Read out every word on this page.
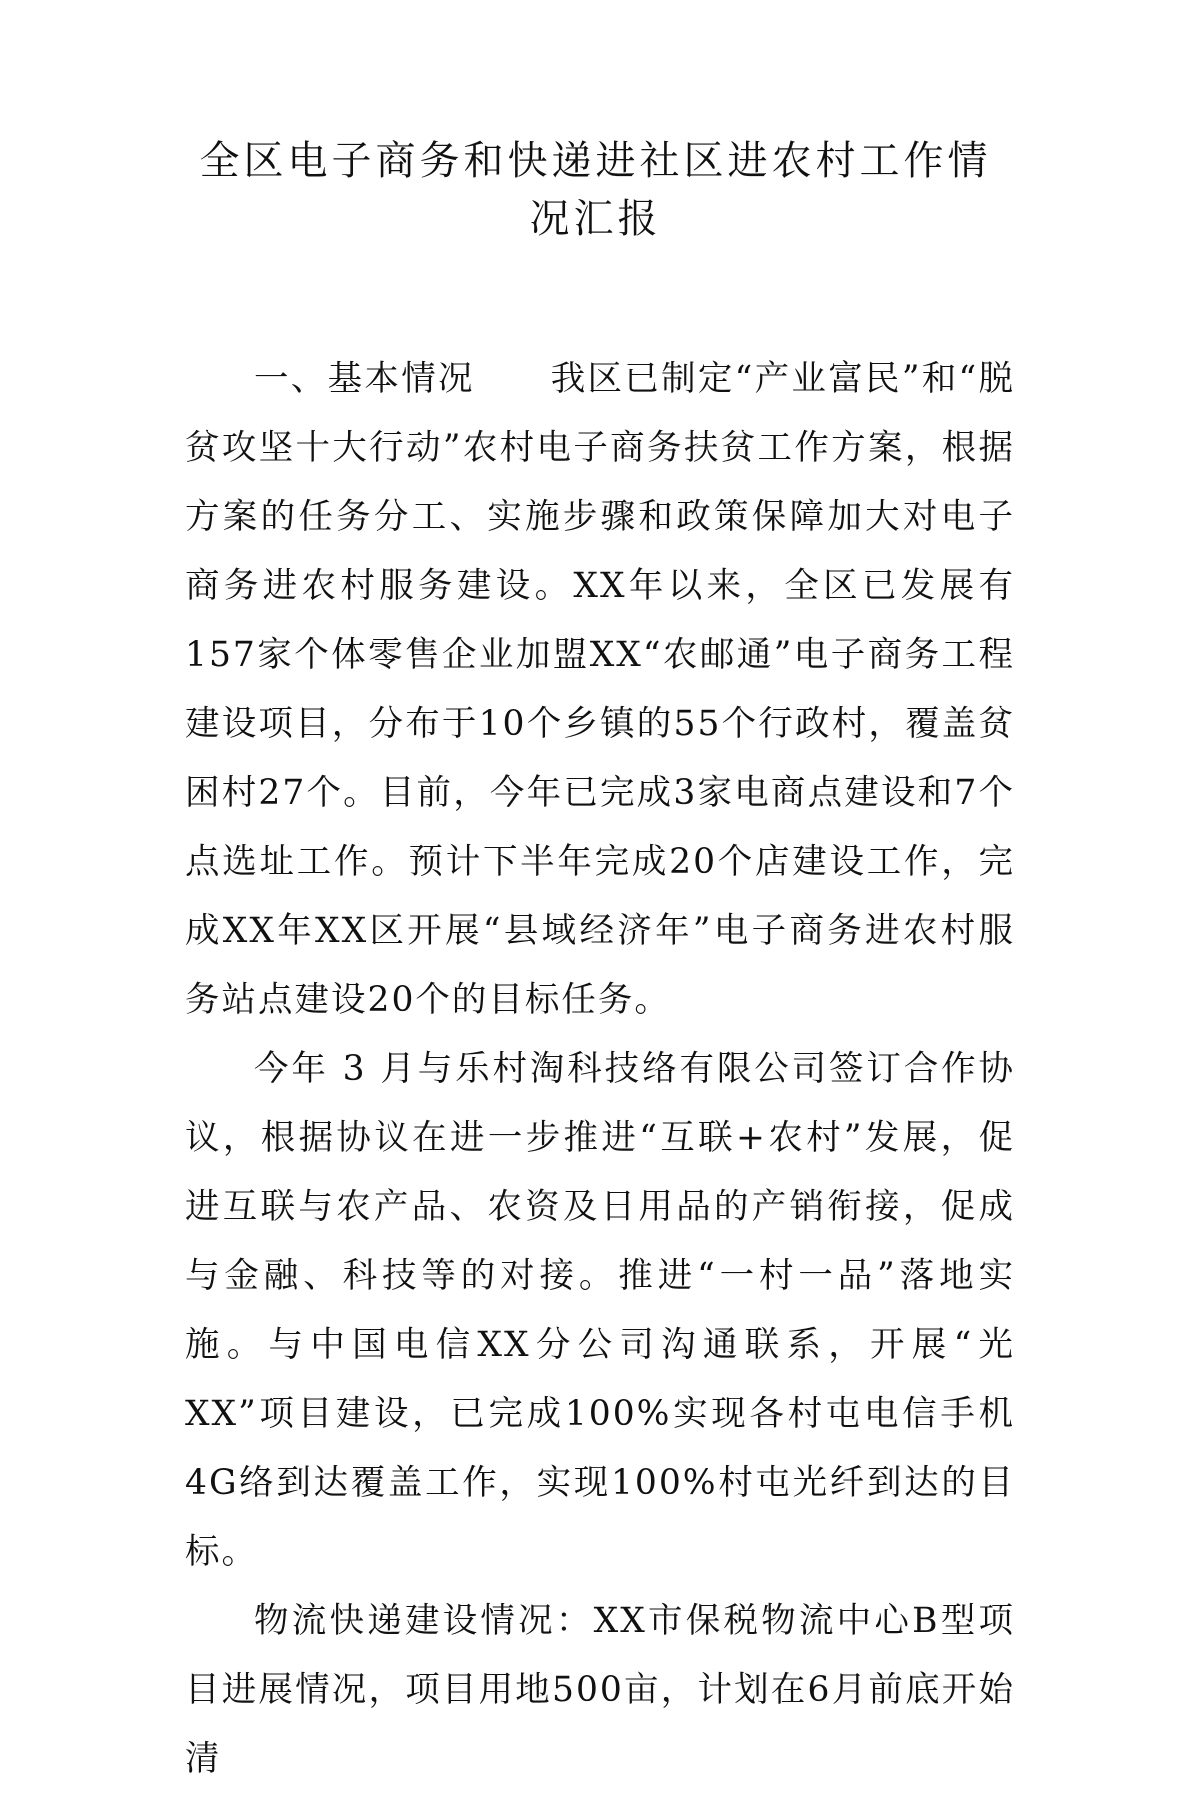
全区电子商务和快递进社区进农村工作情
况汇报

一、基本情况 我区已制定“产业富民”和“脱贫攻坚十大行动”农村电子商务扶贫工作方案，根据方案的任务分工、实施步骤和政策保障加大对电子商务进农村服务建设。XX年以来，全区已发展有157家个体零售企业加盟XX“农邮通”电子商务工程建设项目，分布于10个乡镇的55个行政村，覆盖贫困村27个。目前，今年已完成3家电商点建设和7个点选址工作。预计下半年完成20个店建设工作，完成XX年XX区开展“县域经济年”电子商务进农村服务站点建设20个的目标任务。

今年 3 月与乐村淘科技络有限公司签订合作协议，根据协议在进一步推进“互联+农村”发展，促进互联与农产品、农资及日用品的产销衔接，促成与金融、科技等的对接。推进“一村一品”落地实施。与中国电信XX分公司沟通联系，开展“光XX”项目建设，已完成100%实现各村屯电信手机4G络到达覆盖工作，实现100%村屯光纤到达的目标。

物流快递建设情况：XX市保税物流中心B型项目进展情况，项目用地500亩，计划在6月前底开始清
